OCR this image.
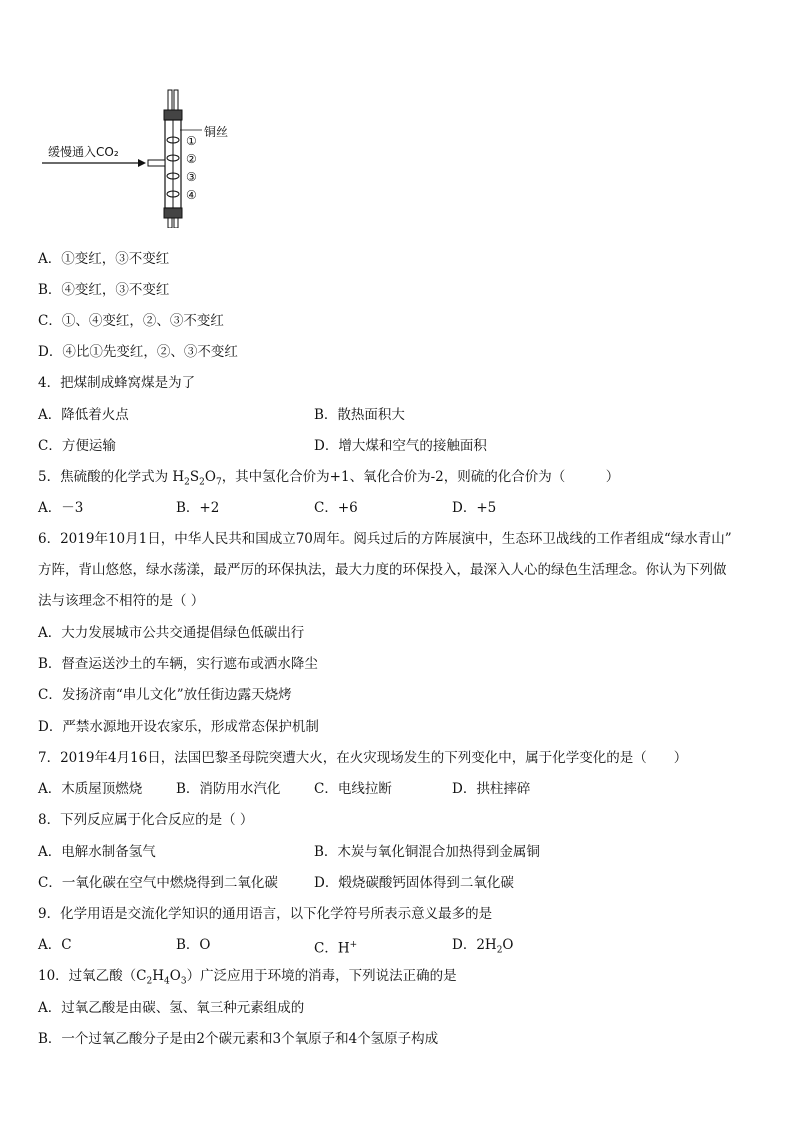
缓慢通入CO₂
铜丝
①
②
③
④
A．①变红，③不变红
B．④变红，③不变红
C．①、④变红，②、③不变红
D．④比①先变红，②、③不变红
4．把煤制成蜂窝煤是为了
A．降低着火点	B．散热面积大
C．方便运输	D．增大煤和空气的接触面积
5．焦硫酸的化学式为 $H_2S_2O_7$，其中氢化合价为+1、氧化合价为-2，则硫的化合价为（　　　）
A．－3	B．+2	C．+6	D．+5
6．2019年10月1日，中华人民共和国成立70周年。阅兵过后的方阵展演中，生态环卫战线的工作者组成“绿水青山”
方阵，背山悠悠，绿水荡漾，最严厉的环保执法，最大力度的环保投入，最深入人心的绿色生活理念。你认为下列做
法与该理念不相符的是（ ）
A．大力发展城市公共交通提倡绿色低碳出行
B．督查运送沙土的车辆，实行遮布或洒水降尘
C．发扬济南“串儿文化”放任街边露天烧烤
D．严禁水源地开设农家乐，形成常态保护机制
7．2019年4月16日，法国巴黎圣母院突遭大火，在火灾现场发生的下列变化中，属于化学变化的是（　　）
A．木质屋顶燃烧	B．消防用水汽化 C．电线拉断	D．拱柱摔碎
8．下列反应属于化合反应的是（ ）
A．电解水制备氢气	B．木炭与氧化铜混合加热得到金属铜
C．一氧化碳在空气中燃烧得到二氧化碳	D．煅烧碳酸钙固体得到二氧化碳
9．化学用语是交流化学知识的通用语言，以下化学符号所表示意义最多的是
A．C	B．O	C．H+	D．$2H_2O$
10．过氧乙酸$(C_2H_4O_3)$广泛应用于环境的消毒，下列说法正确的是
A．过氧乙酸是由碳、氢、氧三种元素组成的
B．一个过氧乙酸分子是由2个碳元素和3个氧原子和4个氢原子构成
